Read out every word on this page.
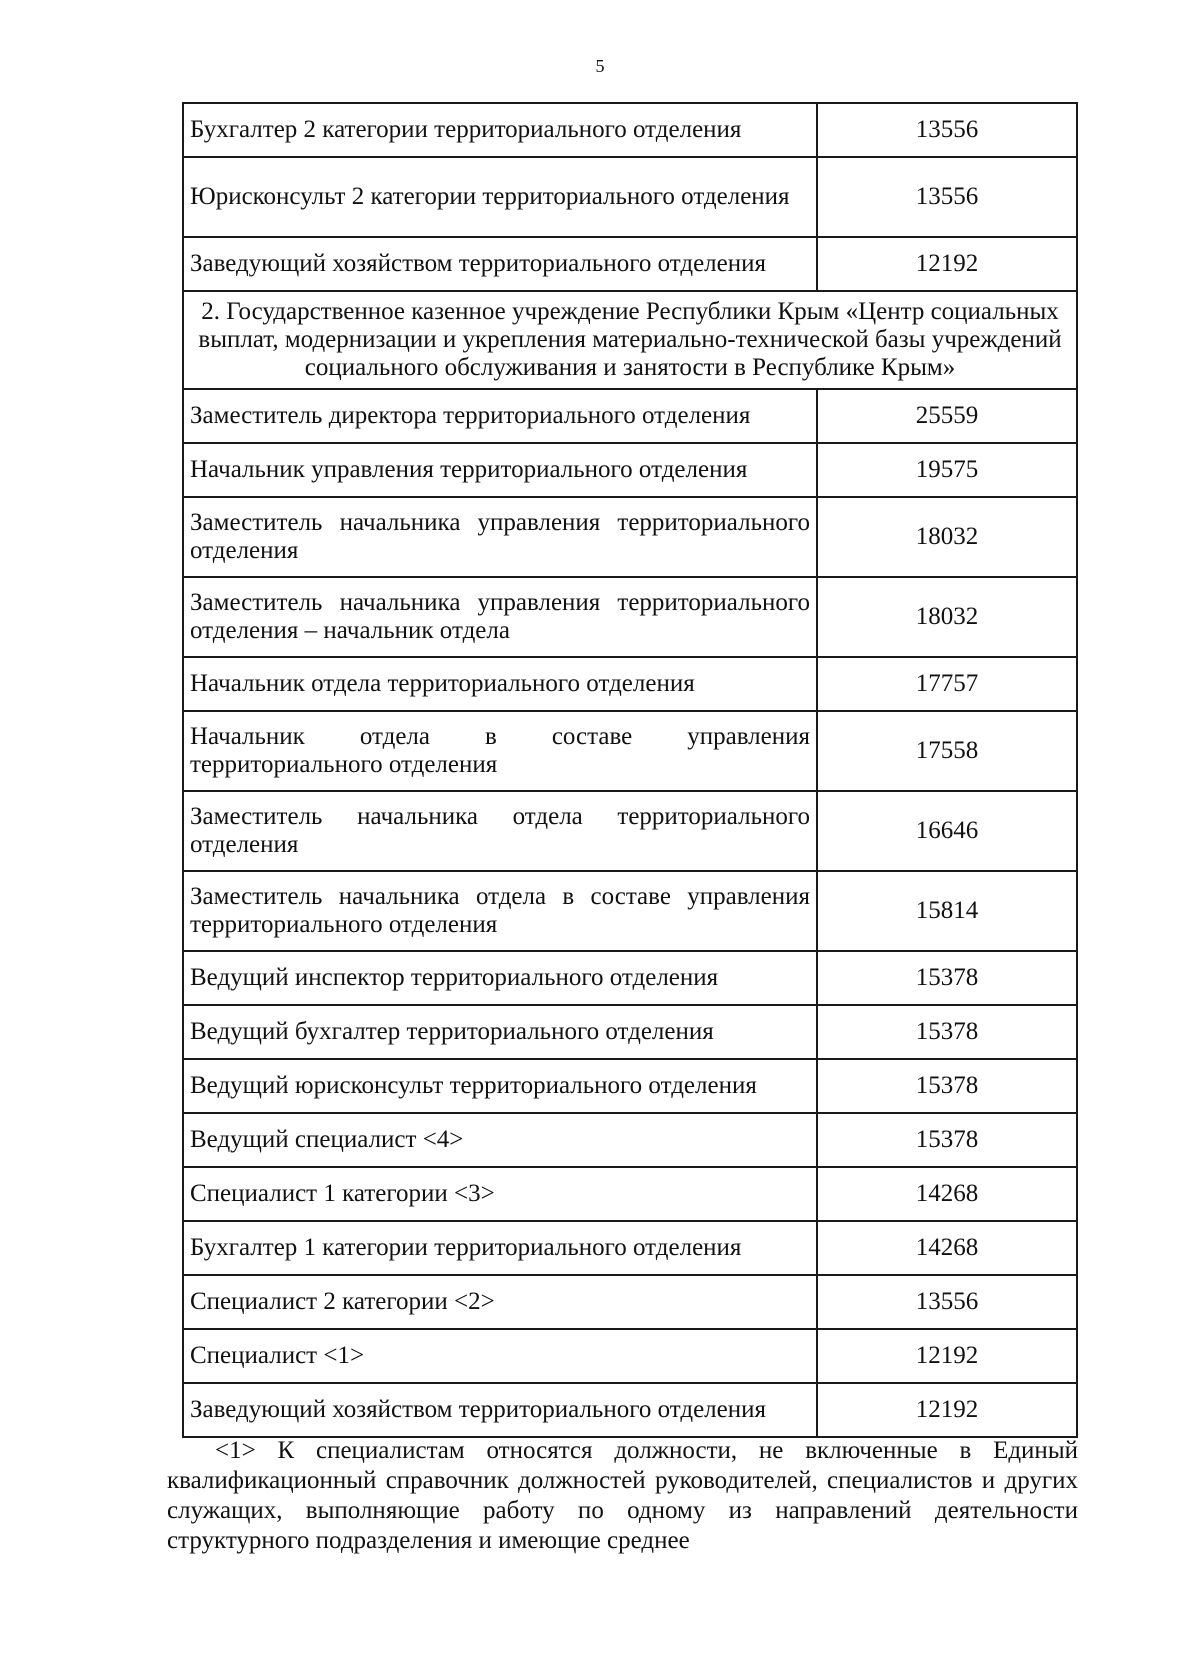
5
Бухгалтер 2 категории территориального отделения	13556
Юрисконсульт 2 категории территориального отделения	13556
Заведующий хозяйством территориального отделения	12192
2. Государственное казенное учреждение Республики Крым «Центр социальных выплат, модернизации и укрепления материально-технической базы учреждений социального обслуживания и занятости в Республике Крым»	
Заместитель директора территориального отделения	25559
Начальник управления территориального отделения	19575
Заместитель начальника управления территориального отделения	18032
Заместитель начальника управления территориального отделения – начальник отдела	18032
Начальник отдела территориального отделения	17757
Начальник отдела в составе управления территориального отделения	17558
Заместитель начальника отдела территориального отделения	16646
Заместитель начальника отдела в составе управления территориального отделения	15814
Ведущий инспектор территориального отделения	15378
Ведущий бухгалтер территориального отделения	15378
Ведущий юрисконсульт территориального отделения	15378
Ведущий специалист <4>	15378
Специалист 1 категории <3>	14268
Бухгалтер 1 категории территориального отделения	14268
Специалист 2 категории <2>	13556
Специалист <1>	12192
Заведующий хозяйством территориального отделения	12192
<1> К специалистам относятся должности, не включенные в Единый квалификационный справочник должностей руководителей, специалистов и других служащих, выполняющие работу по одному из направлений деятельности структурного подразделения и имеющие среднее
